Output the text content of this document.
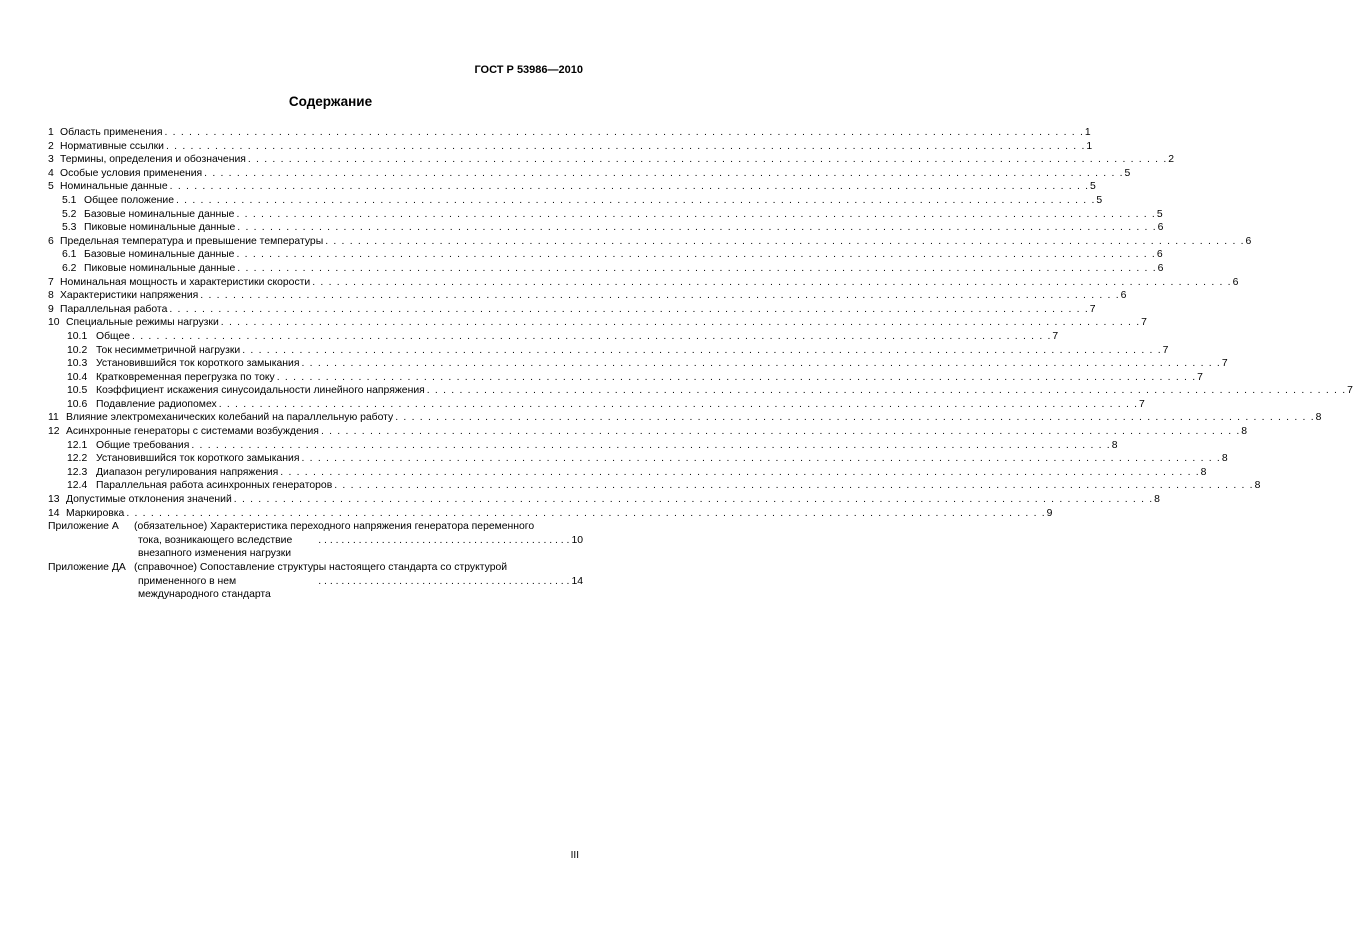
ГОСТ Р 53986—2010
Содержание
1 Область применения . . .	1
2 Нормативные ссылки . . .	1
3 Термины, определения и обозначения . . .	2
4 Особые условия применения . . .	5
5 Номинальные данные . . .	5
5.1 Общее положение . . .	5
5.2 Базовые номинальные данные . . .	5
5.3 Пиковые номинальные данные . . .	6
6 Предельная температура и превышение температуры . . .	6
6.1 Базовые номинальные данные . . .	6
6.2 Пиковые номинальные данные . . .	6
7 Номинальная мощность и характеристики скорости . . .	6
8 Характеристики напряжения . . .	6
9 Параллельная работа . . .	7
10 Специальные режимы нагрузки . . .	7
10.1 Общее . . .	7
10.2 Ток несимметричной нагрузки . . .	7
10.3 Установившийся ток короткого замыкания . . .	7
10.4 Кратковременная перегрузка по току . . .	7
10.5 Коэффициент искажения синусоидальности линейного напряжения . . .	7
10.6 Подавление радиопомех . . .	7
11 Влияние электромеханических колебаний на параллельную работу . . .	8
12 Асинхронные генераторы с системами возбуждения . . .	8
12.1 Общие требования . . .	8
12.2 Установившийся ток короткого замыкания . . .	8
12.3 Диапазон регулирования напряжения . . .	8
12.4 Параллельная работа асинхронных генераторов . . .	8
13 Допустимые отклонения значений . . .	8
14 Маркировка . . .	9
Приложение А	(обязательное) Характеристика переходного напряжения генератора переменного
тока, возникающего вследствие внезапного изменения нагрузки
. . . . . . . . . . . . . . . . . . . . . . . . . . . . . . . . . . . . . . . . . . . . 10
Приложение ДА (справочное) Сопоставление структуры настоящего стандарта со структурой
примененного в нем международного стандарта
. . . . . . . . . . . . . . . . . . . . . . . . . . . . . . . . . . . . . . . . . . . . 14
III
